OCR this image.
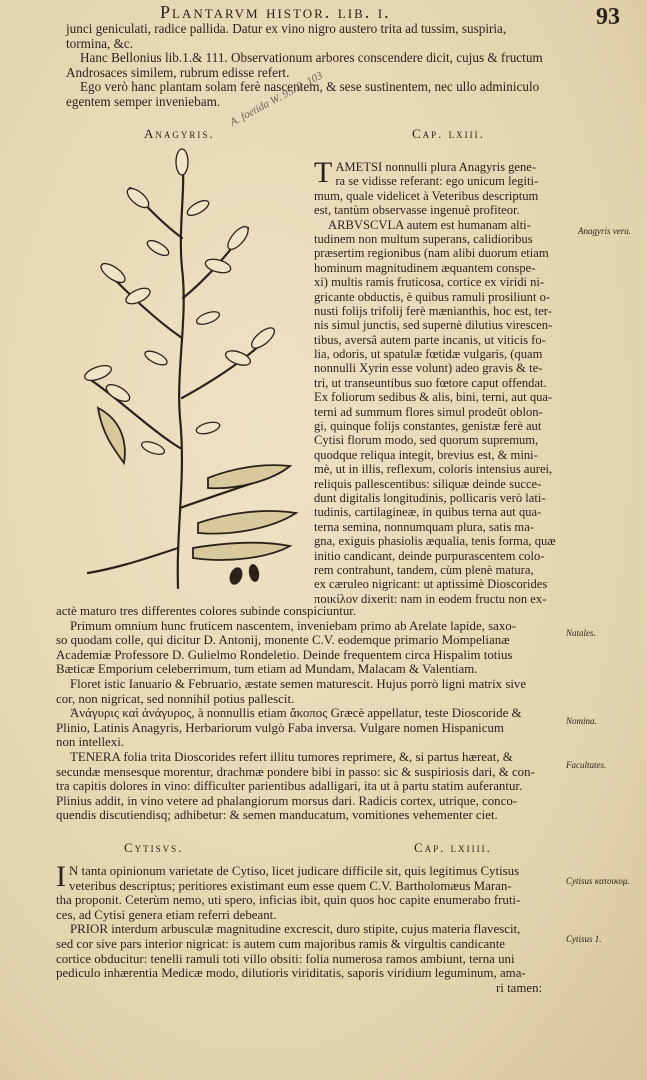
Plantarvm histor. lib. i.	93
junci geniculati, radice pallida. Datur ex vino nigro austero trita ad tussim, suspiria,
tormina, &c.
Hanc Bellonius lib.1.& 111. Observationum arbores conscendere dicit, cujus & fructum
Androsaces similem, rubrum edisse refert.
Ego verò hanc plantam solam ferè nascentem, & sese sustinentem, nec ullo adminiculo
egentem semper inveniebam.
Anagyris.	Cap. lxiii.
A. foetida W. 95. 2. 103
TAMETSI nonnulli plura Anagyris gene-
ra se vidisse referant: ego unicum legiti-
mum, quale videlicet à Veteribus descriptum
est, tantùm observasse ingenuè profiteor.
ARBVSCVLA autem est humanam alti-
tudinem non multum superans, calidioribus
præsertim regionibus (nam alibi duorum etiam
hominum magnitudinem æquantem conspe-
xi) multis ramis fruticosa, cortice ex viridi ni-
gricante obductis, è quibus ramuli prosiliunt o-
nusti folijs trifolij ferè mænianthis, hoc est, ter-
nis simul junctis, sed supernè dilutius virescen-
tibus, aversâ autem parte incanis, ut viticis fo-
lia, odoris, ut spatulæ fœtidæ vulgaris, (quam
nonnulli Xyrin esse volunt) adeo gravis & te-
tri, ut transeuntibus suo fœtore caput offendat.
Ex foliorum sedibus & alis, bini, terni, aut qua-
terni ad summum flores simul prodeūt oblon-
gi, quinque folijs constantes, genistæ ferè aut
Cytisi florum modo, sed quorum supremum,
quodque reliqua integit, brevius est, & mini-
mè, ut in illis, reflexum, coloris intensius aurei,
reliquis pallescentibus: siliquæ deinde succe-
dunt digitalis longitudinis, pollicaris verò lati-
tudinis, cartilagineæ, in quibus terna aut qua-
terna semina, nonnumquam plura, satis ma-
gna, exiguis phasiolis æqualia, tenis forma, quæ
initio candicant, deinde purpurascentem colo-
rem contrahunt, tandem, cùm plenè matura,
ex cæruleo nigricant: ut aptissimè Dioscorides
ποικίλον dixerit: nam in eodem fructu non ex-
Anagyris vera.
actè maturo tres differentes colores subinde conspiciuntur.
Primum omnium hunc fruticem nascentem, inveniebam primo ab Arelate lapide, saxo-
so quodam colle, qui dicitur D. Antonij, monente C.V. eodemque primario Mompelianæ
Academiæ Professore D. Gulielmo Rondeletio. Deinde frequentem circa Hispalim totius
Bæticæ Emporium celeberrimum, tum etiam ad Mundam, Malacam & Valentiam.
Floret istic Ianuario & Februario, æstate semen maturescit. Hujus porrò ligni matrix sive
cor, non nigricat, sed nonnihil potius pallescit.
Ἀνάγυρις καὶ ἀνάγυρος, à nonnullis etiam ἄκοπος Græcè appellatur, teste Dioscoride &
Plinio, Latinis Anagyris, Herbariorum vulgò Faba inversa. Vulgare nomen Hispanicum
non intellexi.
TENERA folia trita Dioscorides refert illitu tumores reprimere, &, si partus hæreat, &
secundæ mensesque morentur, drachmæ pondere bibi in passo: sic & suspiriosis dari, & con-
tra capitis dolores in vino: difficulter parientibus adalligari, ita ut à partu statim auferantur.
Plinius addit, in vino vetere ad phalangiorum morsus dari. Radicis cortex, utrique, conco-
quendis discutiendisq; adhibetur: & semen manducatum, vomitiones vehementer ciet.
Natales.
Nomina.
Facultates.
Cytisvs.	Cap. lxiiii.
I N tanta opinionum varietate de Cytiso, licet judicare difficile sit, quis legitimus Cytisus
veteribus descriptus; peritiores existimant eum esse quem C.V. Bartholomæus Maran-
tha proponit. Ceterùm nemo, uti spero, inficias ibit, quin quos hoc capite enumerabo fruti-
ces, ad Cytisi genera etiam referri debeant.
PRIOR interdum arbusculæ magnitudine excrescit, duro stipite, cujus materia flavescit,
sed cor sive pars interior nigricat: is autem cum majoribus ramis & virgultis candicante
cortice obducitur: tenelli ramuli toti villo obsiti: folia numerosa ramos ambiunt, terna uni
pediculo inhærentia Medicæ modo, dilutioris viriditatis, saporis viridium leguminum, ama-
ri tamen:
Cytisus κατοικομ.
Cytisus 1.
